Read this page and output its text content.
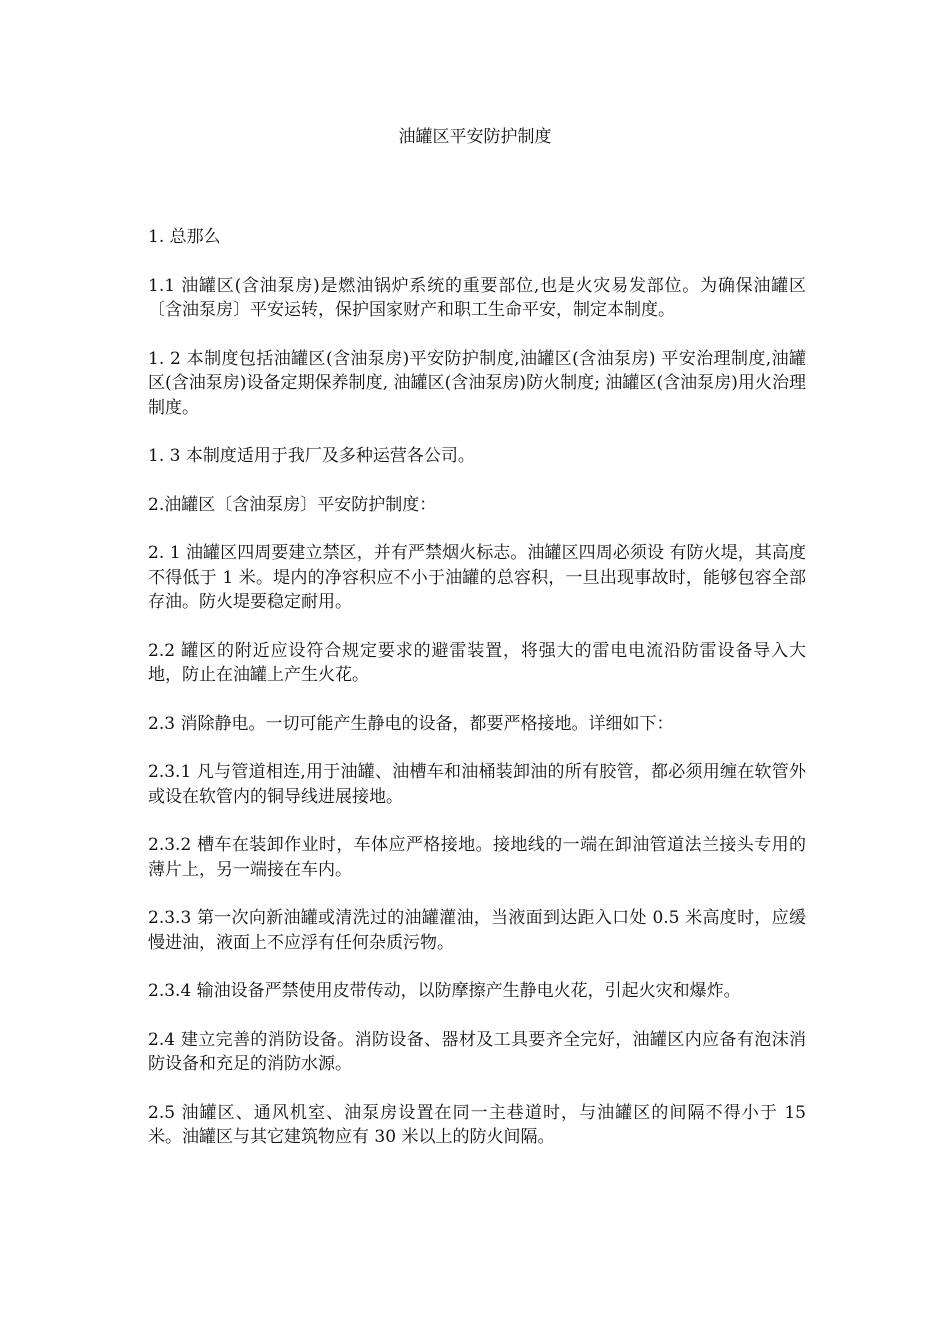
油罐区平安防护制度

1. 总那么

1.1 油罐区(含油泵房)是燃油锅炉系统的重要部位,也是火灾易发部位。为确保油罐区〔含油泵房〕平安运转，保护国家财产和职工生命平安，制定本制度。

1. 2 本制度包括油罐区(含油泵房)平安防护制度,油罐区(含油泵房) 平安治理制度,油罐区(含油泵房)设备定期保养制度, 油罐区(含油泵房)防火制度; 油罐区(含油泵房)用火治理制度。

1. 3 本制度适用于我厂及多种运营各公司。

2.油罐区〔含油泵房〕平安防护制度：

2. 1 油罐区四周要建立禁区，并有严禁烟火标志。油罐区四周必须设 有防火堤，其高度不得低于 1 米。堤内的净容积应不小于油罐的总容积，一旦出现事故时，能够包容全部存油。防火堤要稳定耐用。

2.2 罐区的附近应设符合规定要求的避雷装置，将强大的雷电电流沿防雷设备导入大地，防止在油罐上产生火花。

2.3 消除静电。一切可能产生静电的设备，都要严格接地。详细如下：

2.3.1 凡与管道相连,用于油罐、油槽车和油桶装卸油的所有胶管，都必须用缠在软管外或设在软管内的铜导线进展接地。

2.3.2 槽车在装卸作业时，车体应严格接地。接地线的一端在卸油管道法兰接头专用的薄片上，另一端接在车内。

2.3.3 第一次向新油罐或清洗过的油罐灌油，当液面到达距入口处 0.5 米高度时，应缓慢进油，液面上不应浮有任何杂质污物。

2.3.4 输油设备严禁使用皮带传动，以防摩擦产生静电火花，引起火灾和爆炸。

2.4 建立完善的消防设备。消防设备、器材及工具要齐全完好，油罐区内应备有泡沫消防设备和充足的消防水源。

2.5 油罐区、通风机室、油泵房设置在同一主巷道时，与油罐区的间隔不得小于 15 米。油罐区与其它建筑物应有 30 米以上的防火间隔。
